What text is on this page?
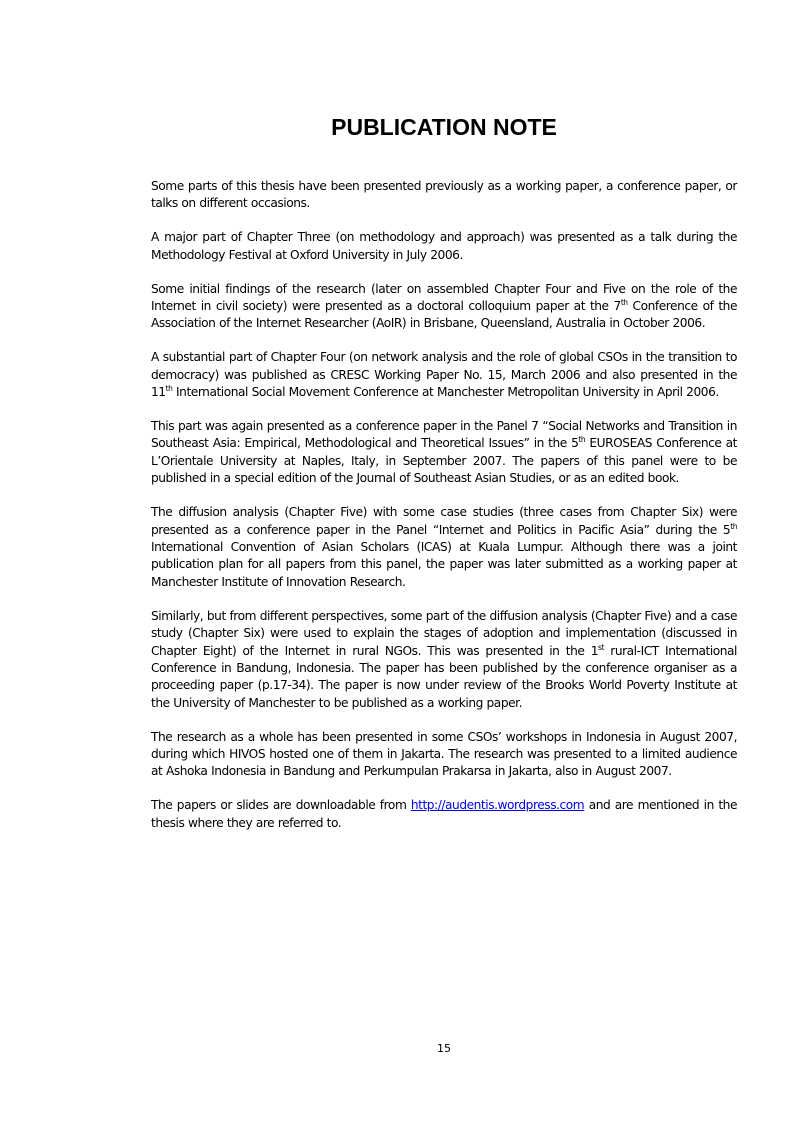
PUBLICATION NOTE

Some parts of this thesis have been presented previously as a working paper, a conference paper, or talks on different occasions.

A major part of Chapter Three (on methodology and approach) was presented as a talk during the Methodology Festival at Oxford University in July 2006.

Some initial findings of the research (later on assembled Chapter Four and Five on the role of the Internet in civil society) were presented as a doctoral colloquium paper at the 7th Conference of the Association of the Internet Researcher (AoIR) in Brisbane, Queensland, Australia in October 2006.

A substantial part of Chapter Four (on network analysis and the role of global CSOs in the transition to democracy) was published as CRESC Working Paper No. 15, March 2006 and also presented in the 11th International Social Movement Conference at Manchester Metropolitan University in April 2006.

This part was again presented as a conference paper in the Panel 7 “Social Networks and Transition in Southeast Asia: Empirical, Methodological and Theoretical Issues” in the 5th EUROSEAS Conference at L’Orientale University at Naples, Italy, in September 2007. The papers of this panel were to be published in a special edition of the Journal of Southeast Asian Studies, or as an edited book.

The diffusion analysis (Chapter Five) with some case studies (three cases from Chapter Six) were presented as a conference paper in the Panel “Internet and Politics in Pacific Asia” during the 5th International Convention of Asian Scholars (ICAS) at Kuala Lumpur. Although there was a joint publication plan for all papers from this panel, the paper was later submitted as a working paper at Manchester Institute of Innovation Research.

Similarly, but from different perspectives, some part of the diffusion analysis (Chapter Five) and a case study (Chapter Six) were used to explain the stages of adoption and implementation (discussed in Chapter Eight) of the Internet in rural NGOs. This was presented in the 1st rural-ICT International Conference in Bandung, Indonesia. The paper has been published by the conference organiser as a proceeding paper (p.17-34). The paper is now under review of the Brooks World Poverty Institute at the University of Manchester to be published as a working paper.

The research as a whole has been presented in some CSOs’ workshops in Indonesia in August 2007, during which HIVOS hosted one of them in Jakarta. The research was presented to a limited audience at Ashoka Indonesia in Bandung and Perkumpulan Prakarsa in Jakarta, also in August 2007.

The papers or slides are downloadable from http://audentis.wordpress.com and are mentioned in the thesis where they are referred to.

15
